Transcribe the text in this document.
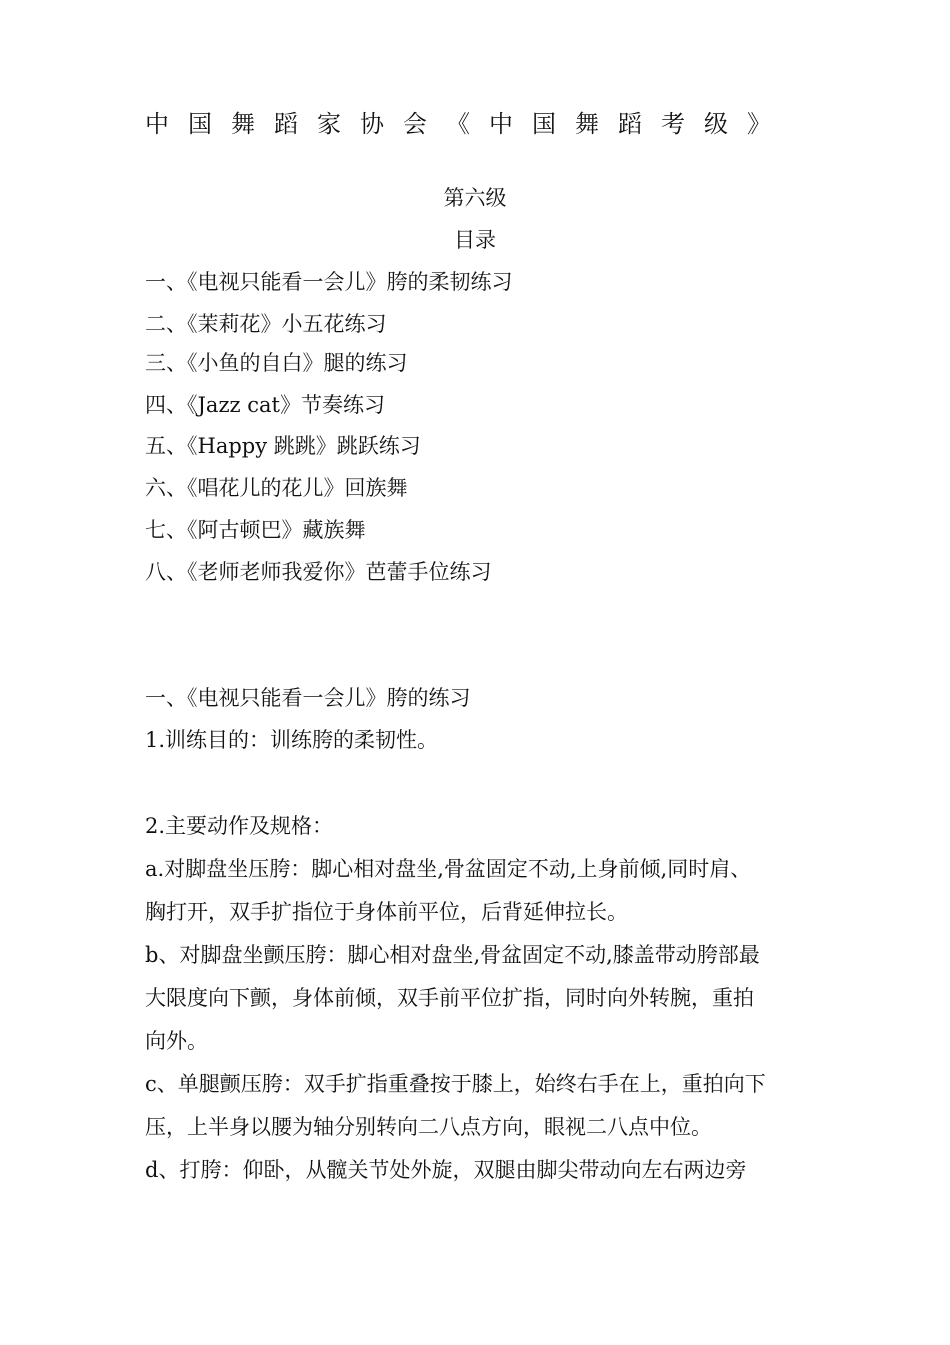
中国舞蹈家协会《中国舞蹈考级》
第六级
目录
一、《电视只能看一会儿》胯的柔韧练习
二、《茉莉花》小五花练习
三、《小鱼的自白》腿的练习
四、《Jazz cat》节奏练习
五、《Happy 跳跳》跳跃练习
六、《唱花儿的花儿》回族舞
七、《阿古顿巴》藏族舞
八、《老师老师我爱你》芭蕾手位练习
一、《电视只能看一会儿》胯的练习
1.训练目的：训练胯的柔韧性。
2.主要动作及规格：
a.对脚盘坐压胯：脚心相对盘坐,骨盆固定不动,上身前倾,同时肩、
胸打开，双手扩指位于身体前平位，后背延伸拉长。
b、对脚盘坐颤压胯：脚心相对盘坐,骨盆固定不动,膝盖带动胯部最
大限度向下颤，身体前倾，双手前平位扩指，同时向外转腕，重拍
向外。
c、单腿颤压胯：双手扩指重叠按于膝上，始终右手在上，重拍向下
压，上半身以腰为轴分别转向二八点方向，眼视二八点中位。
d、打胯：仰卧，从髋关节处外旋，双腿由脚尖带动向左右两边旁
